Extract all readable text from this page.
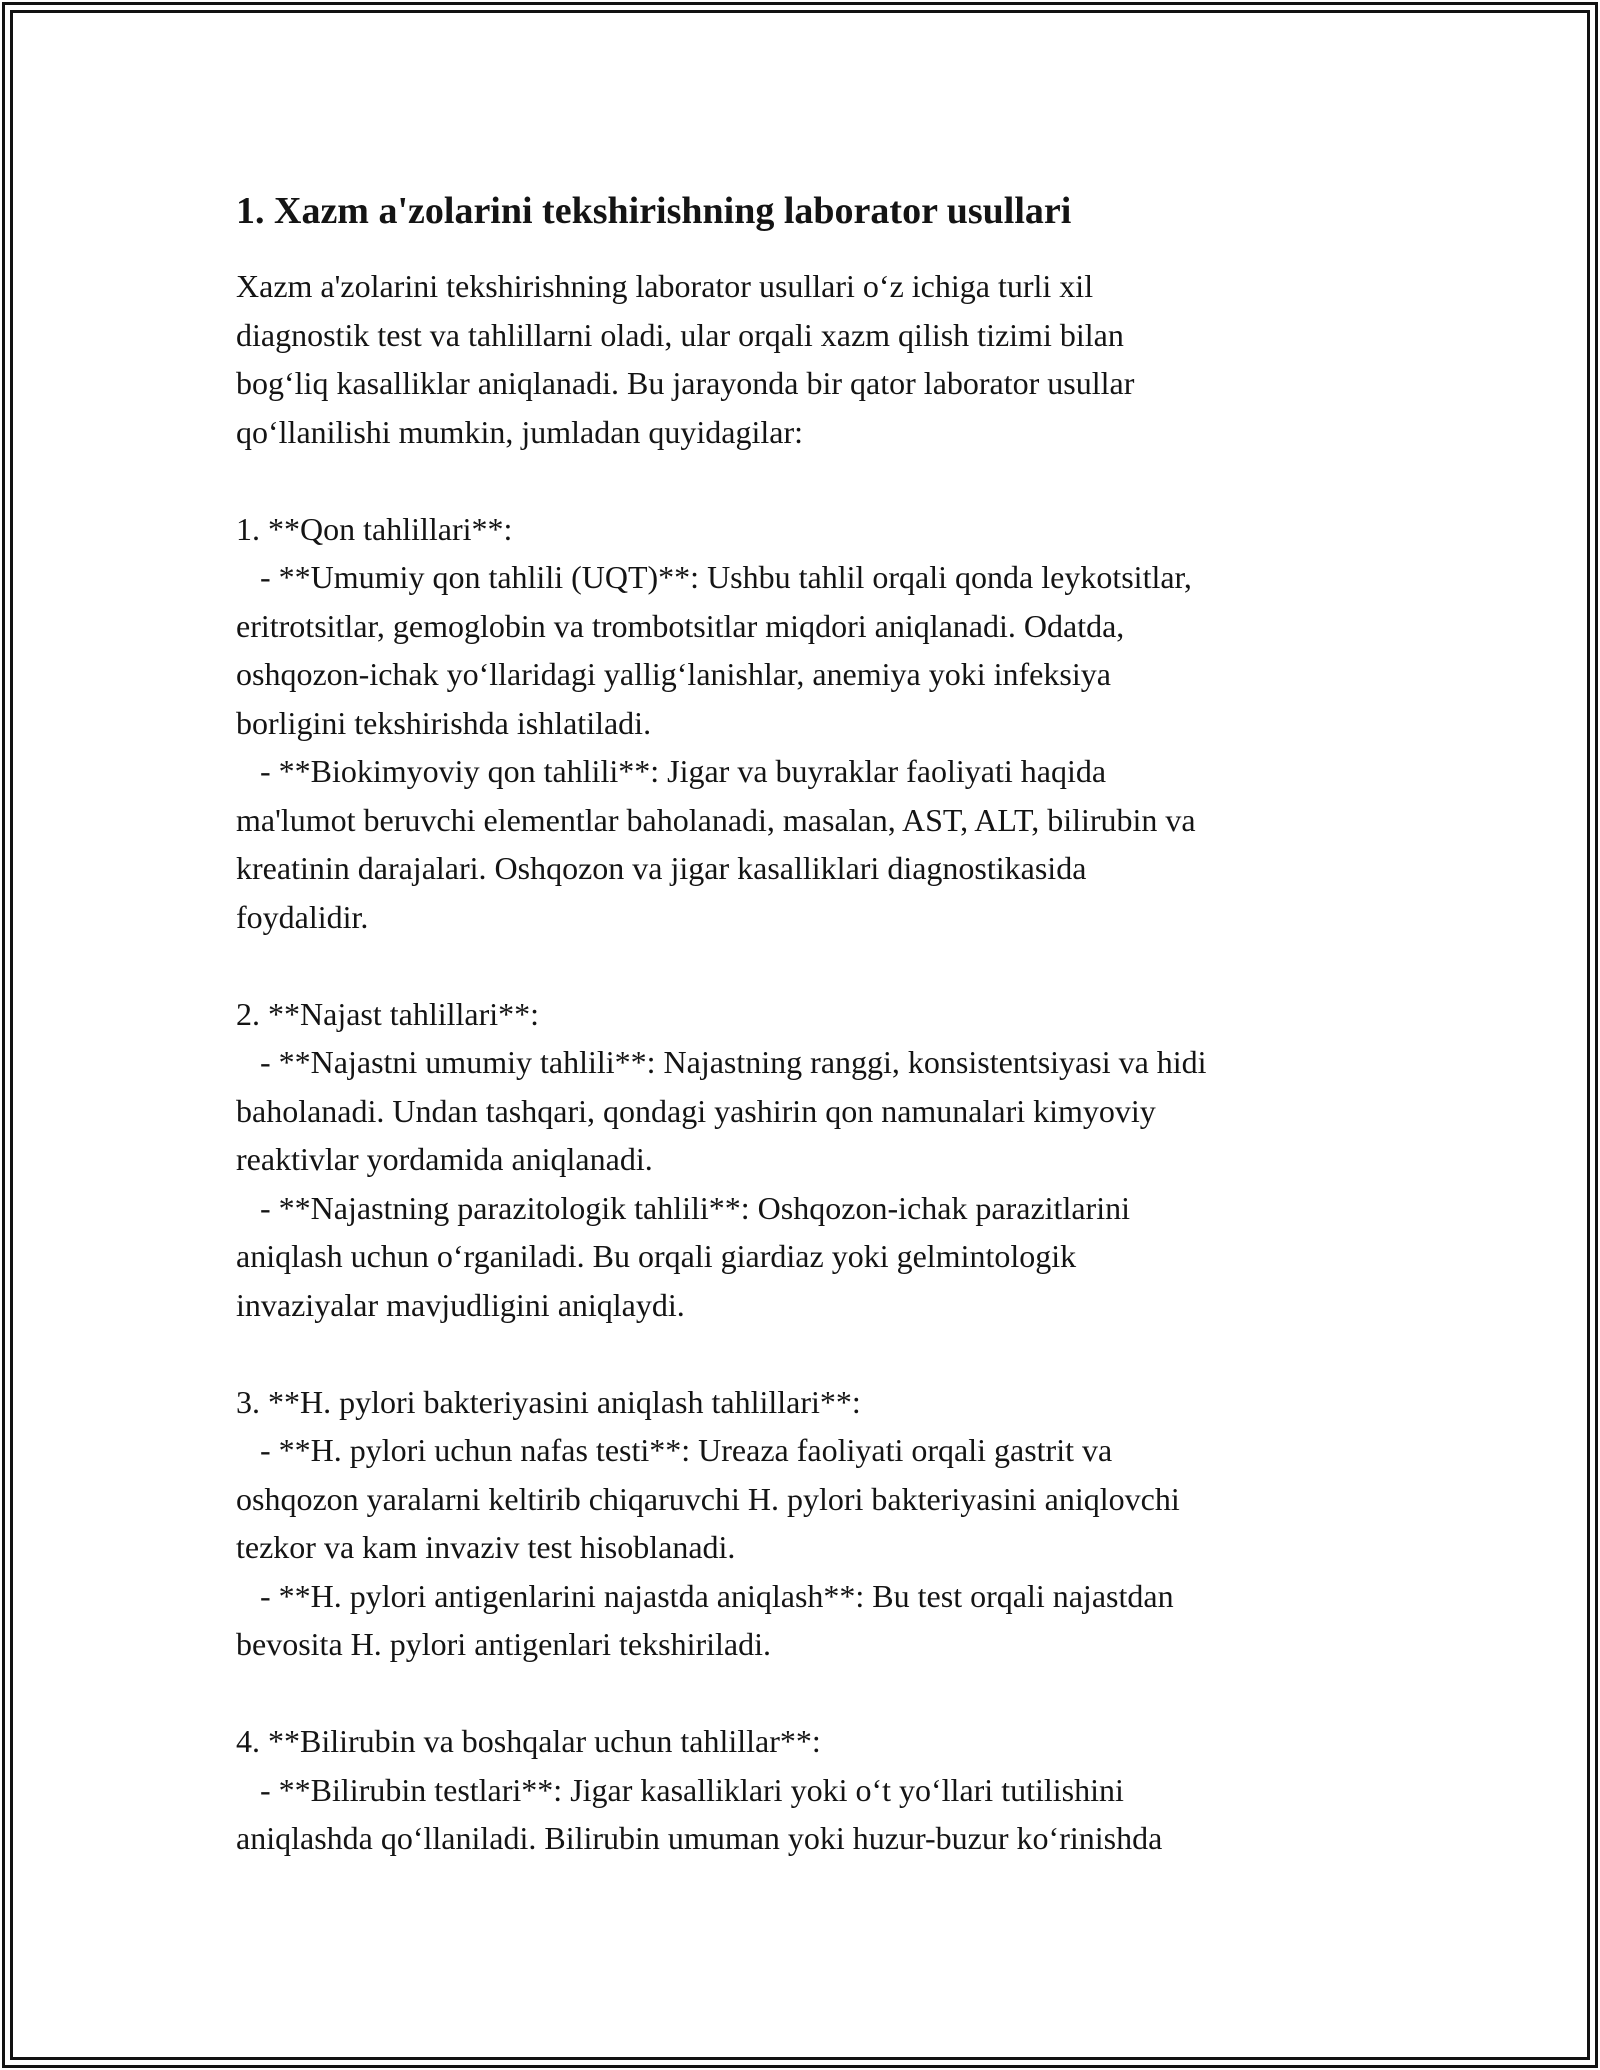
1. Xazm a'zolarini tekshirishning laborator usullari
Xazm a'zolarini tekshirishning laborator usullari o‘z ichiga turli xil
diagnostik test va tahlillarni oladi, ular orqali xazm qilish tizimi bilan
bog‘liq kasalliklar aniqlanadi. Bu jarayonda bir qator laborator usullar
qo‘llanilishi mumkin, jumladan quyidagilar:
1. **Qon tahlillari**:
- **Umumiy qon tahlili (UQT)**: Ushbu tahlil orqali qonda leykotsitlar,
eritrotsitlar, gemoglobin va trombotsitlar miqdori aniqlanadi. Odatda,
oshqozon-ichak yo‘llaridagi yallig‘lanishlar, anemiya yoki infeksiya
borligini tekshirishda ishlatiladi.
- **Biokimyoviy qon tahlili**: Jigar va buyraklar faoliyati haqida
ma'lumot beruvchi elementlar baholanadi, masalan, AST, ALT, bilirubin va
kreatinin darajalari. Oshqozon va jigar kasalliklari diagnostikasida
foydalidir.
2. **Najast tahlillari**:
- **Najastni umumiy tahlili**: Najastning ranggi, konsistentsiyasi va hidi
baholanadi. Undan tashqari, qondagi yashirin qon namunalari kimyoviy
reaktivlar yordamida aniqlanadi.
- **Najastning parazitologik tahlili**: Oshqozon-ichak parazitlarini
aniqlash uchun o‘rganiladi. Bu orqali giardiaz yoki gelmintologik
invaziyalar mavjudligini aniqlaydi.
3. **H. pylori bakteriyasini aniqlash tahlillari**:
- **H. pylori uchun nafas testi**: Ureaza faoliyati orqali gastrit va
oshqozon yaralarni keltirib chiqaruvchi H. pylori bakteriyasini aniqlovchi
tezkor va kam invaziv test hisoblanadi.
- **H. pylori antigenlarini najastda aniqlash**: Bu test orqali najastdan
bevosita H. pylori antigenlari tekshiriladi.
4. **Bilirubin va boshqalar uchun tahlillar**:
- **Bilirubin testlari**: Jigar kasalliklari yoki o‘t yo‘llari tutilishini
aniqlashda qo‘llaniladi. Bilirubin umuman yoki huzur-buzur ko‘rinishda
